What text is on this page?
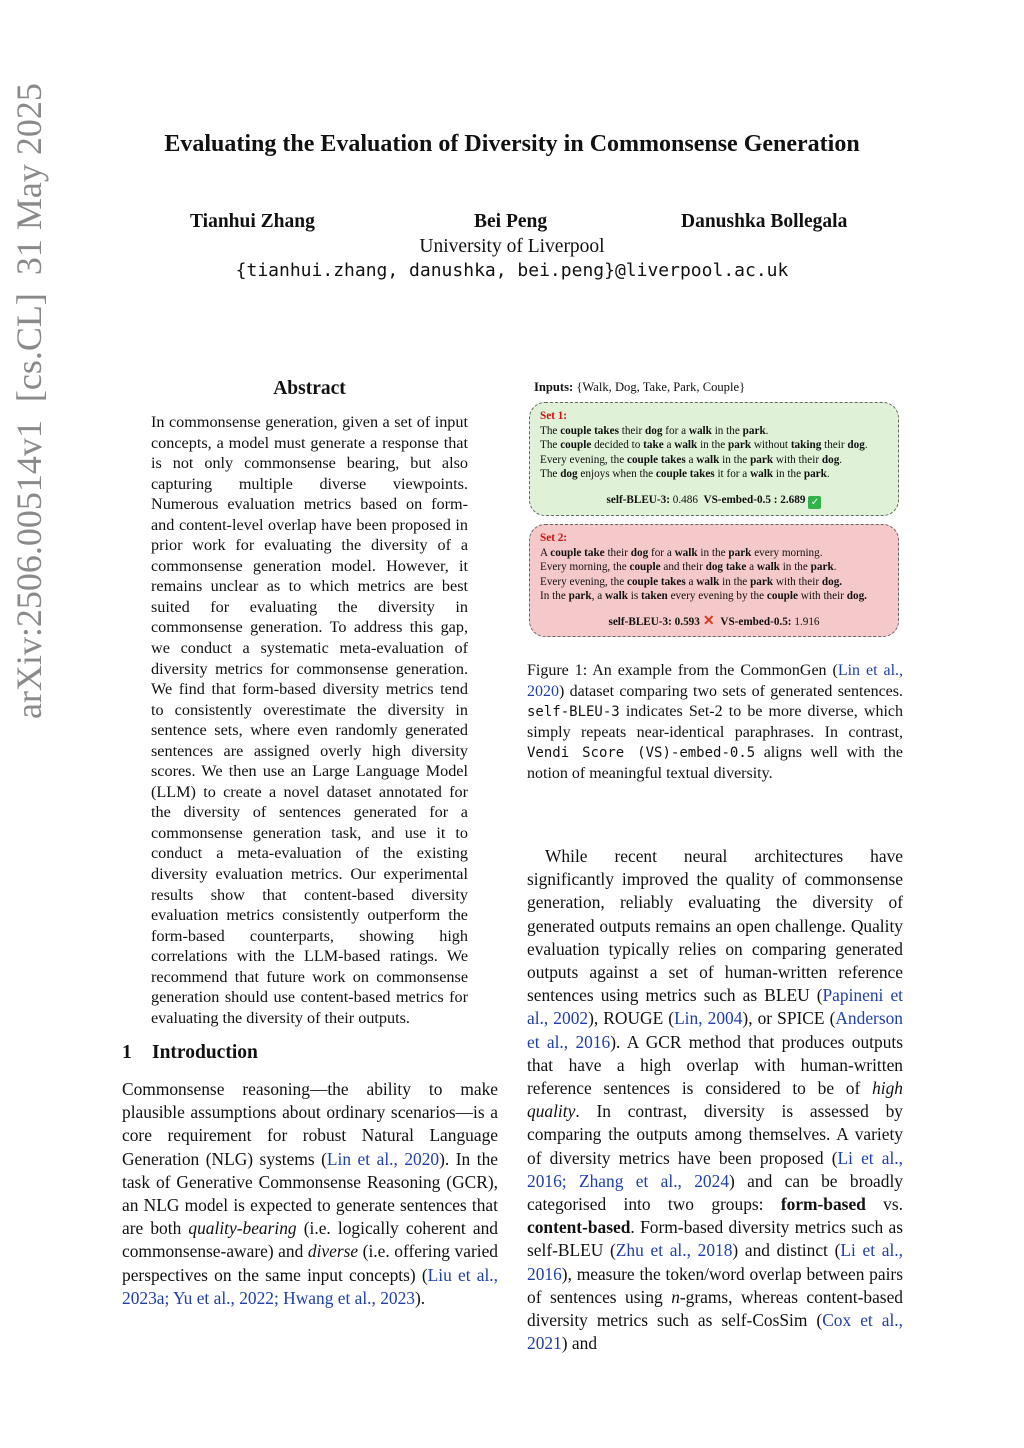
Evaluating the Evaluation of Diversity in Commonsense Generation
Tianhui Zhang	Bei Peng	Danushka Bollegala
University of Liverpool
{tianhui.zhang, danushka, bei.peng}@liverpool.ac.uk
arXiv:2506.00514v1  [cs.CL]  31 May 2025	Abstract
In commonsense generation, given a set of input concepts, a model must generate a response that is not only commonsense bearing, but also capturing multiple diverse viewpoints. Numerous evaluation metrics based on form- and content-level overlap have been proposed in prior work for evaluating the diversity of a commonsense generation model. However, it remains unclear as to which metrics are best suited for evaluating the diversity in commonsense generation. To address this gap, we conduct a systematic meta-evaluation of diversity metrics for commonsense generation. We find that form-based diversity metrics tend to consistently overestimate the diversity in sentence sets, where even randomly generated sentences are assigned overly high diversity scores. We then use an Large Language Model (LLM) to create a novel dataset annotated for the diversity of sentences generated for a commonsense generation task, and use it to conduct a meta-evaluation of the existing diversity evaluation metrics. Our experimental results show that content-based diversity evaluation metrics consistently outperform the form-based counterparts, showing high correlations with the LLM-based ratings. We recommend that future work on commonsense generation should use content-based metrics for evaluating the diversity of their outputs.
1 Introduction
Commonsense reasoning—the ability to make plausible assumptions about ordinary scenarios—is a core requirement for robust Natural Language Generation (NLG) systems (Lin et al., 2020). In the task of Generative Commonsense Reasoning (GCR), an NLG model is expected to generate sentences that are both quality-bearing (i.e. logically coherent and commonsense-aware) and diverse (i.e. offering varied perspectives on the same input concepts) (Liu et al., 2023a; Yu et al., 2022; Hwang et al., 2023).
Inputs: {Walk, Dog, Take, Park, Couple}
Set 1:
The couple takes their dog for a walk in the park.
The couple decided to take a walk in the park without taking their dog.
Every evening, the couple takes a walk in the park with their dog.
The dog enjoys when the couple takes it for a walk in the park.
self-BLEU-3: 0.486 VS-embed-0.5 : 2.689 ✓
Set 2:
A couple take their dog for a walk in the park every morning.
Every morning, the couple and their dog take a walk in the park.
Every evening, the couple takes a walk in the park with their dog.
In the park, a walk is taken every evening by the couple with their dog.
self-BLEU-3: 0.593 ✕ VS-embed-0.5: 1.916
Figure 1: An example from the CommonGen (Lin et al., 2020) dataset comparing two sets of generated sentences. self-BLEU-3 indicates Set-2 to be more diverse, which simply repeats near-identical paraphrases. In contrast, Vendi Score (VS)-embed-0.5 aligns well with the notion of meaningful textual diversity.

While recent neural architectures have significantly improved the quality of commonsense generation, reliably evaluating the diversity of generated outputs remains an open challenge. Quality evaluation typically relies on comparing generated outputs against a set of human-written reference sentences using metrics such as BLEU (Papineni et al., 2002), ROUGE (Lin, 2004), or SPICE (Anderson et al., 2016). A GCR method that produces outputs that have a high overlap with human-written reference sentences is considered to be of high quality. In contrast, diversity is assessed by comparing the outputs among themselves. A variety of diversity metrics have been proposed (Li et al., 2016; Zhang et al., 2024) and can be broadly categorised into two groups: form-based vs. content-based. Form-based diversity metrics such as self-BLEU (Zhu et al., 2018) and distinct (Li et al., 2016), measure the token/word overlap between pairs of sentences using n-grams, whereas content-based diversity metrics such as self-CosSim (Cox et al., 2021) and
